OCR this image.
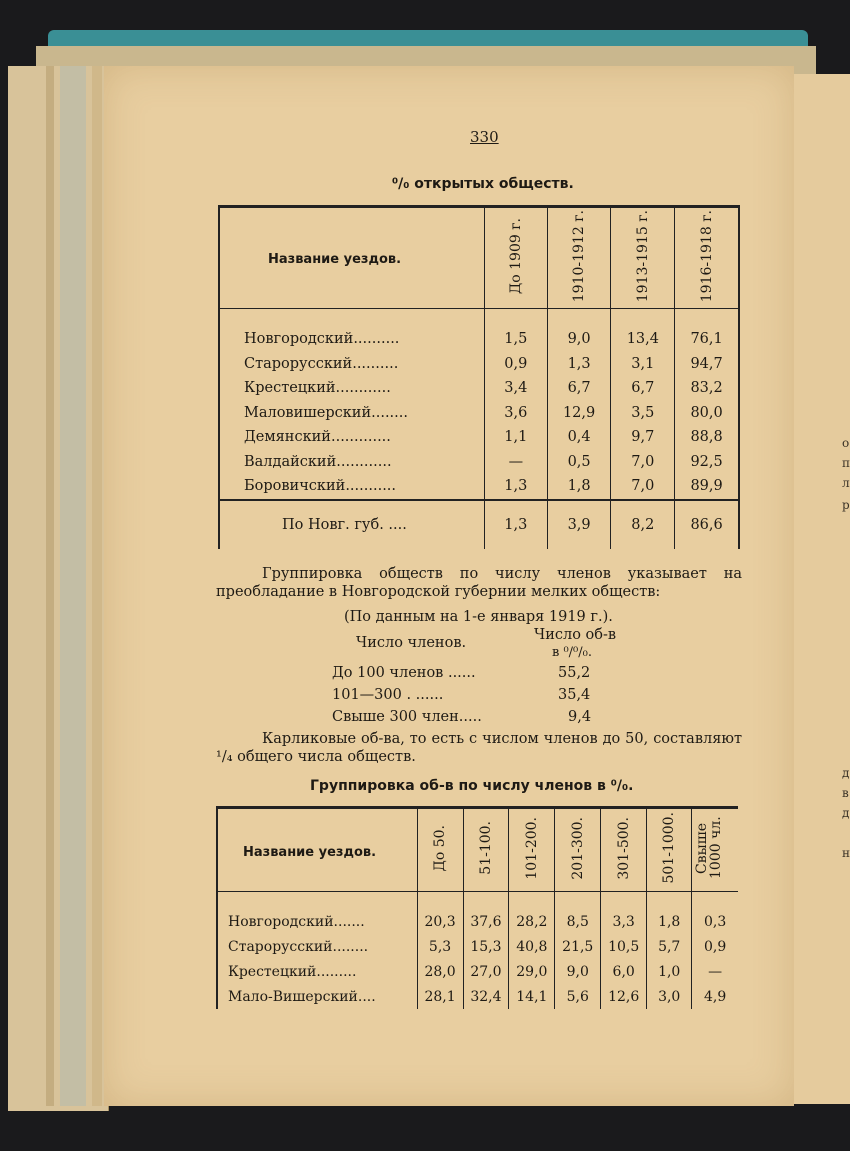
о
п
л
р
д
в
д
н
330
⁰/₀ открытых обществ.
Название уездов.	До 1909 г.	1910-1912 г.	1913-1915 г.	1916-1918 г.
Новгородский..........	1,5	9,0	13,4	76,1
Старорусский..........	0,9	1,3	3,1	94,7
Крестецкий............	3,4	6,7	6,7	83,2
Маловишерский........	3,6	12,9	3,5	80,0
Демянский.............	1,1	0,4	9,7	88,8
Валдайский............	—	0,5	7,0	92,5
Боровичский...........	1,3	1,8	7,0	89,9
По Новг. губ. ....	1,3	3,9	8,2	86,6
Группировка обществ по числу членов указывает на преобладание в Новгородской губернии мелких обществ:
(По данным на 1-е января 1919 г.).
Число членов.	Число об-в
в ⁰/⁰/₀.
До 100 членов ......	55,2
101—300 . ......	35,4
Свыше 300 член.....	9,4
Карликовые об-ва, то есть с числом членов до 50, составляют ¹/₄ общего числа обществ.
Группировка об-в по числу членов в ⁰/₀.
Название уездов.	До 50.	51-100.	101-200.	201-300.	301-500.	501-1000.	Свыше 1000 чл.
Новгородский.......	20,3	37,6	28,2	8,5	3,3	1,8	0,3
Старорусский........	5,3	15,3	40,8	21,5	10,5	5,7	0,9
Крестецкий.........	28,0	27,0	29,0	9,0	6,0	1,0	—
Мало-Вишерский....	28,1	32,4	14,1	5,6	12,6	3,0	4,9
